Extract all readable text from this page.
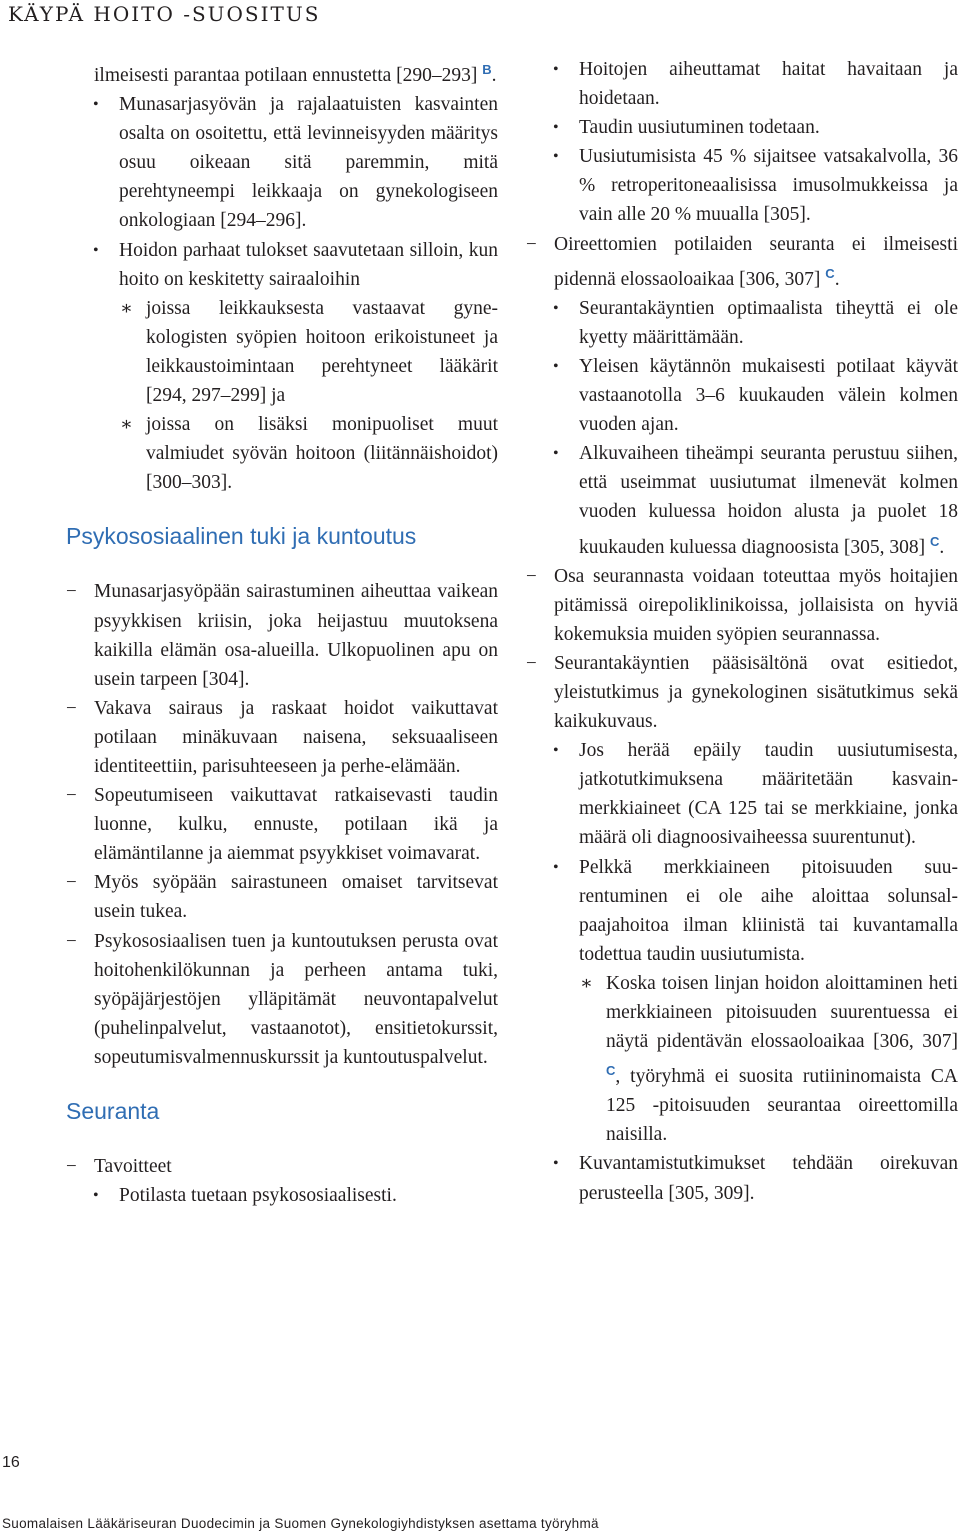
KÄYPÄ HOITO -SUOSITUS

ilmeisesti parantaa potilaan ennustetta [290–293] $^B$.

• Munasarjasyövän ja rajalaatuisten kasvainten osalta on osoitettu, että levinneisyyden määritys osuu oikeaan sitä paremmin, mitä perehtyneempi leikkaaja on gynekologiseen onkologiaan [294–296].

• Hoidon parhaat tulokset saavutetaan silloin, kun hoito on keskitetty sairaaloihin

∗ joissa leikkauksesta vastaavat gynekologisten syöpien hoitoon erikoistuneet ja leikkaustoimintaan perehtyneet lääkärit [294, 297–299] ja

∗ joissa on lisäksi monipuoliset muut valmiudet syövän hoitoon (liitännäishoidot) [300–303].

Psykososiaalinen tuki ja kuntoutus

− Munasarjasyöpään sairastuminen aiheuttaa vaikean psyykkisen kriisin, joka heijastuu muutoksena kaikilla elämän osa-alueilla. Ulkopuolinen apu on usein tarpeen [304].

− Vakava sairaus ja raskaat hoidot vaikuttavat potilaan minäkuvaan naisena, seksuaaliseen identiteettiin, parisuhteeseen ja perhe-elämään.

− Sopeutumiseen vaikuttavat ratkaisevasti taudin luonne, kulku, ennuste, potilaan ikä ja elämäntilanne ja aiemmat psyykkiset voimavarat.

− Myös syöpään sairastuneen omaiset tarvitsevat usein tukea.

− Psykososiaalisen tuen ja kuntoutuksen perusta ovat hoitohenkilökunnan ja perheen antama tuki, syöpäjärjestöjen ylläpitämät neuvontapalvelut (puhelinpalvelut, vastaanotot), ensitietokurssit, sopeutumisvalmennuskurssit ja kuntoutuspalvelut.

Seuranta

− Tavoitteet

• Potilasta tuetaan psykososiaalisesti.

• Hoitojen aiheuttamat haitat havaitaan ja hoidetaan.

• Taudin uusiutuminen todetaan.

• Uusiutumisista 45 % sijaitsee vatsakalvolla, 36 % retroperitoneaalisissa imusolmukkeissa ja vain alle 20 % muualla [305].

− Oireettomien potilaiden seuranta ei ilmeisesti pidennä elossaoloaikaa [306, 307] $^C$.

• Seurantakäyntien optimaalista tiheyttä ei ole kyetty määrittämään.

• Yleisen käytännön mukaisesti potilaat käyvät vastaanotolla 3–6 kuukauden välein kolmen vuoden ajan.

• Alkuvaiheen tiheämpi seuranta perustuu siihen, että useimmat uusiutumat ilmenevät kolmen vuoden kuluessa hoidon alusta ja puolet 18 kuukauden kuluessa diagnoosista [305, 308] $^C$.

− Osa seurannasta voidaan toteuttaa myös hoitajien pitämissä oirepoliklinikoissa, jollaisista on hyviä kokemuksia muiden syöpien seurannassa.

− Seurantakäyntien pääsisältönä ovat esitiedot, yleistutkimus ja gynekologinen sisätutkimus sekä kaikukuvaus.

• Jos herää epäily taudin uusiutumisesta, jatkotutkimuksena määritetään kasvainmerkkiaineet (CA 125 tai se merkkiaine, jonka määrä oli diagnoosivaiheessa suurentunut).

• Pelkkä merkkiaineen pitoisuuden suurentuminen ei ole aihe aloittaa solunsalpaajahoitoa ilman kliinistä tai kuvantamalla todettua taudin uusiutumista.

∗ Koska toisen linjan hoidon aloittaminen heti merkkiaineen pitoisuuden suurentuessa ei näytä pidentävän elossaoloaikaa [306, 307] $^C$, työryhmä ei suosita rutiininomaista CA 125 -pitoisuuden seurantaa oireettomilla naisilla.

• Kuvantamistutkimukset tehdään oirekuvan perusteella [305, 309].

16
Suomalaisen Lääkäriseuran Duodecimin ja Suomen Gynekologiyhdistyksen asettama työryhmä
